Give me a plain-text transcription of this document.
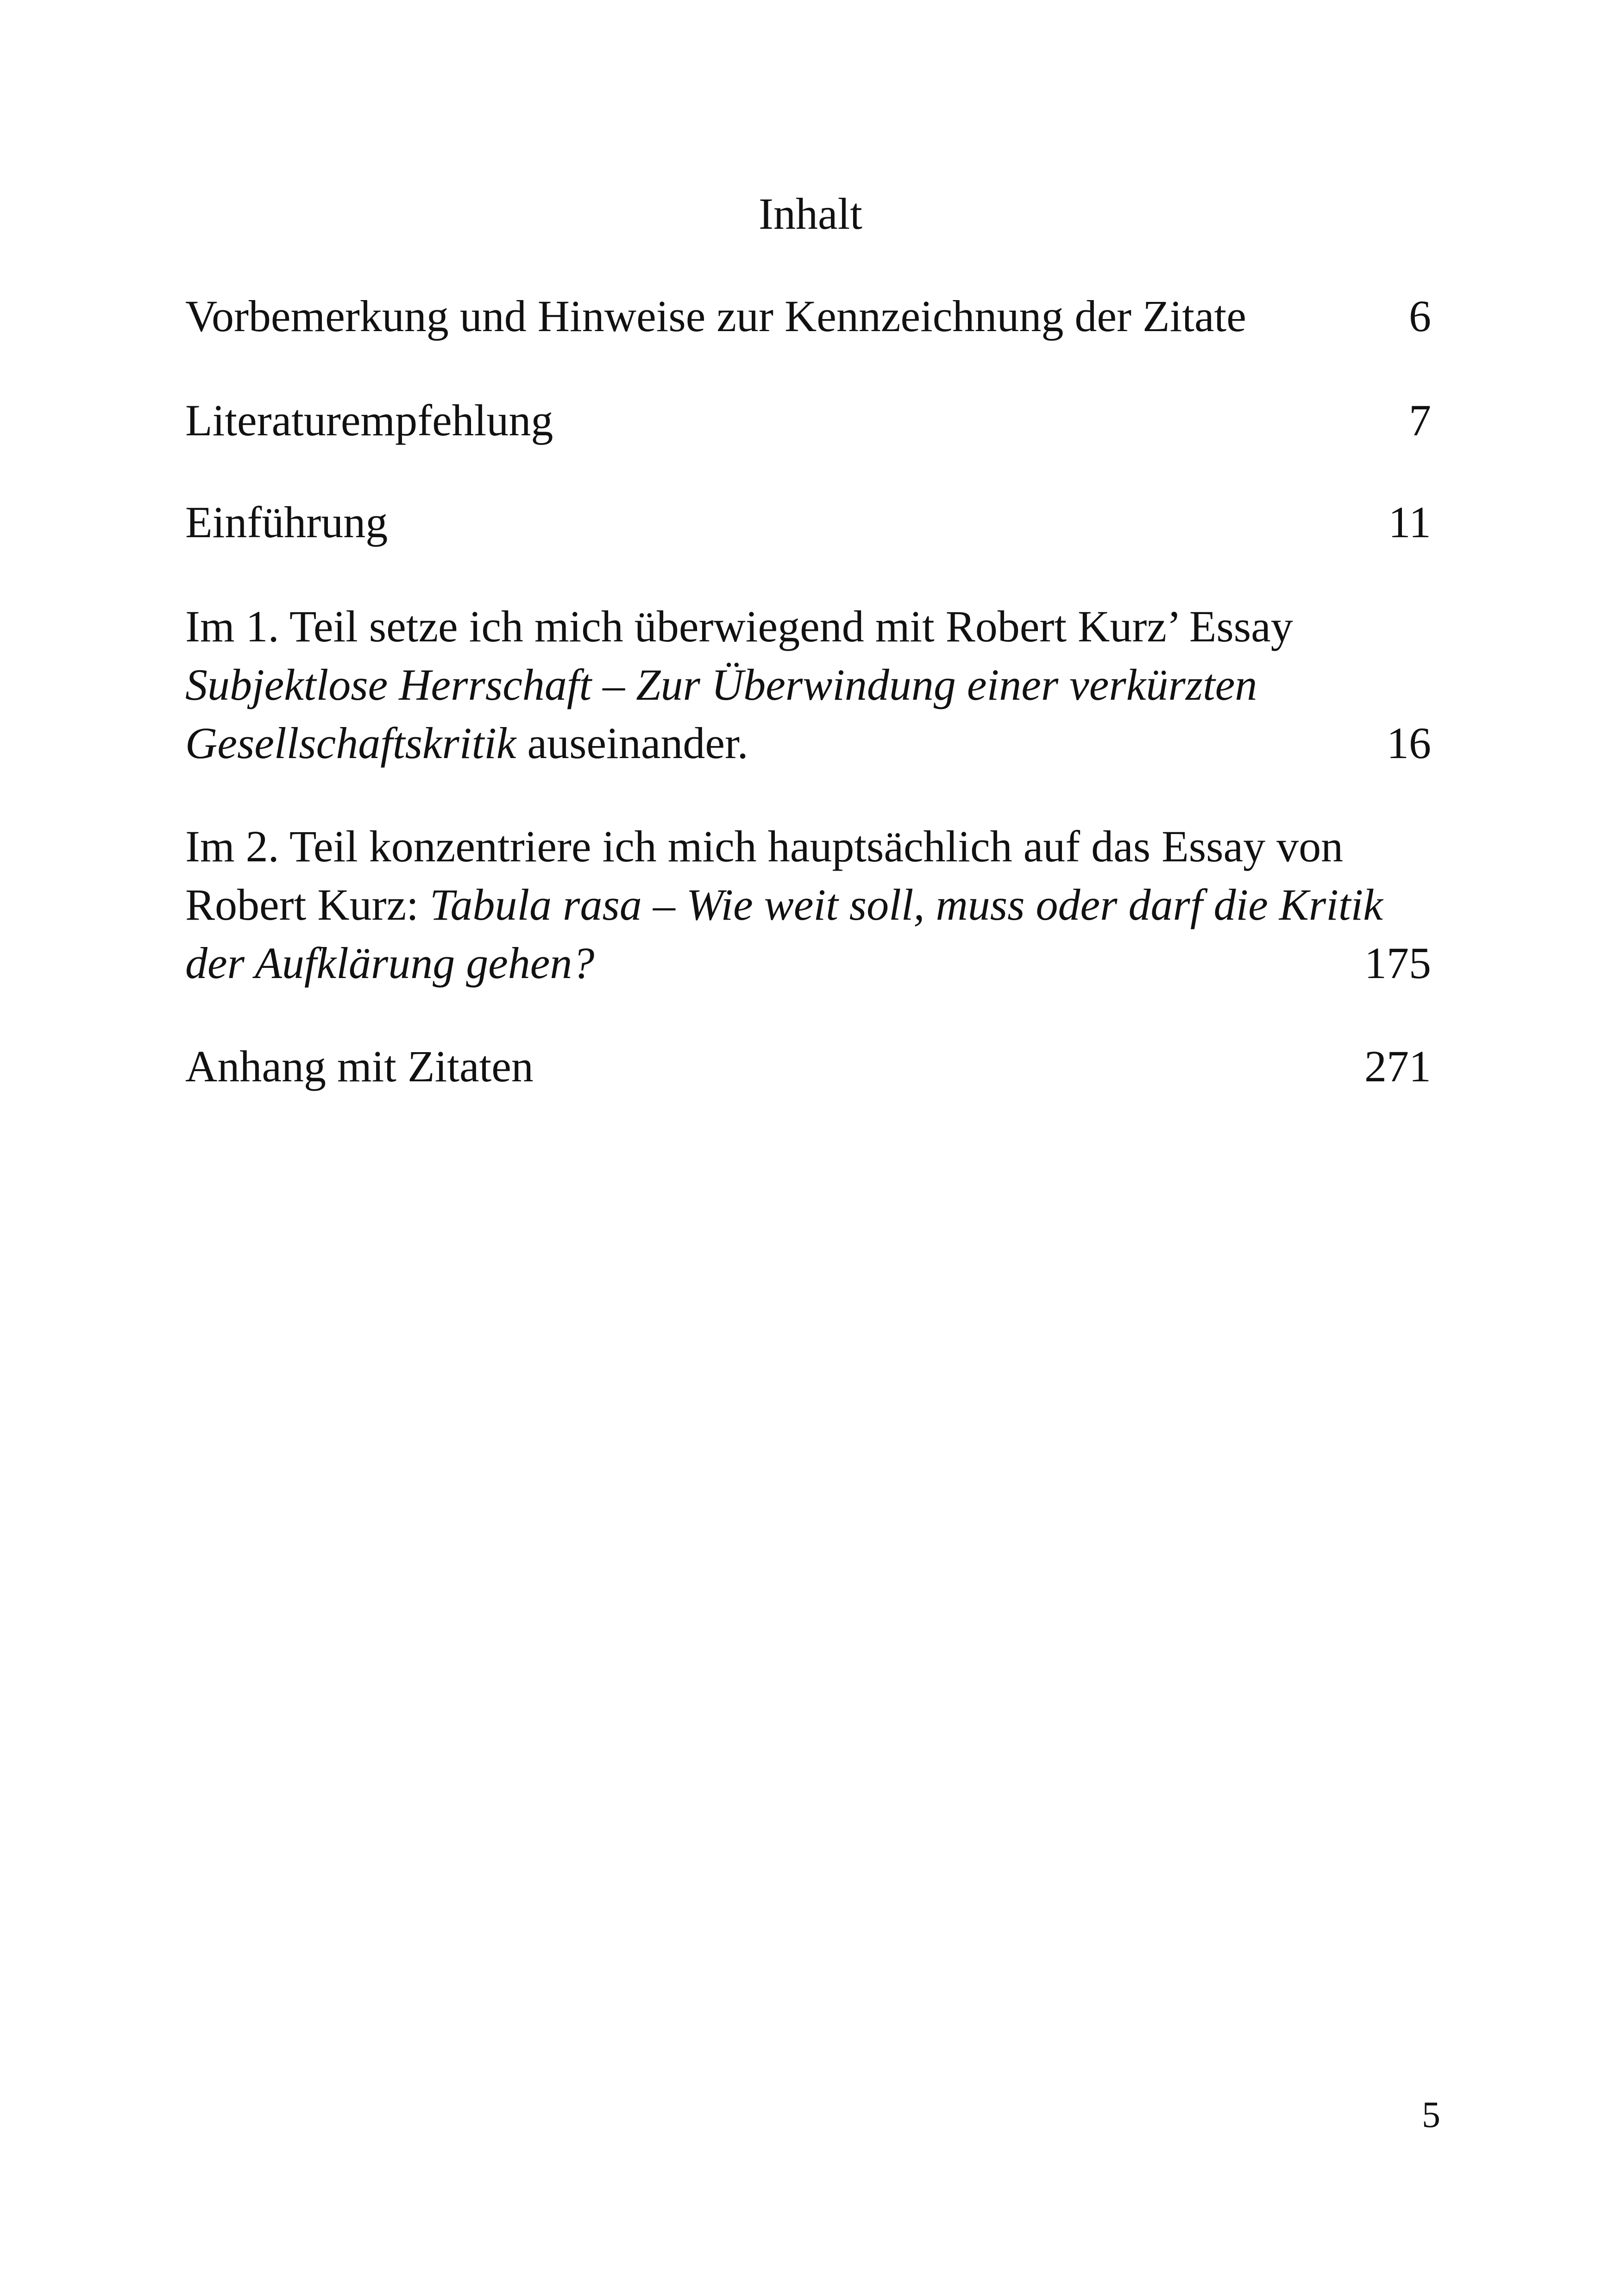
Inhalt
Vorbemerkung und Hinweise zur Kennzeichnung der Zitate	6
Literaturempfehlung	7
Einführung	11
Im 1. Teil setze ich mich überwiegend mit Robert Kurz’ Essay
Subjektlose Herrschaft – Zur Überwindung einer verkürzten
Gesellschaftskritik auseinander.	16
Im 2. Teil konzentriere ich mich hauptsächlich auf das Essay von
Robert Kurz: Tabula rasa – Wie weit soll, muss oder darf die Kritik
der Aufklärung gehen?	175
Anhang mit Zitaten	271
5
